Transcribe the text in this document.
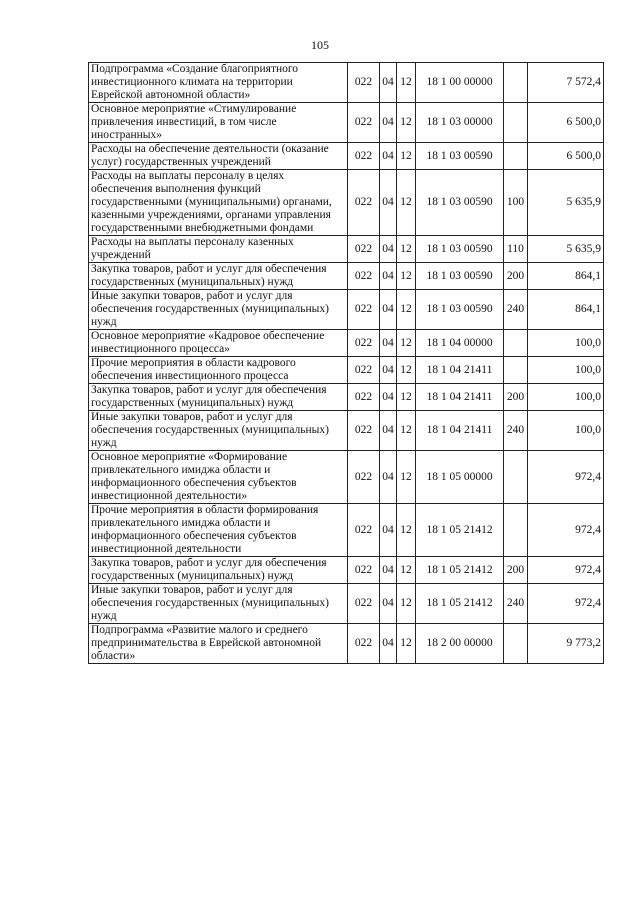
105
Подпрограмма «Создание благоприятного инвестиционного климата на территории Еврейской автономной области»	022	04	12	18 1 00 00000		7 572,4
Основное мероприятие «Стимулирование привлечения инвестиций, в том числе иностранных»	022	04	12	18 1 03 00000		6 500,0
Расходы на обеспечение деятельности (оказание услуг) государственных учреждений	022	04	12	18 1 03 00590		6 500,0
Расходы на выплаты персоналу в целях обеспечения выполнения функций государственными (муниципальными) органами, казенными учреждениями, органами управления государственными внебюджетными фондами	022	04	12	18 1 03 00590	100	5 635,9
Расходы на выплаты персоналу казенных учреждений	022	04	12	18 1 03 00590	110	5 635,9
Закупка товаров, работ и услуг для обеспечения государственных (муниципальных) нужд	022	04	12	18 1 03 00590	200	864,1
Иные закупки товаров, работ и услуг для обеспечения государственных (муниципальных) нужд	022	04	12	18 1 03 00590	240	864,1
Основное мероприятие «Кадровое обеспечение инвестиционного процесса»	022	04	12	18 1 04 00000		100,0
Прочие мероприятия в области кадрового обеспечения инвестиционного процесса	022	04	12	18 1 04 21411		100,0
Закупка товаров, работ и услуг для обеспечения государственных (муниципальных) нужд	022	04	12	18 1 04 21411	200	100,0
Иные закупки товаров, работ и услуг для обеспечения государственных (муниципальных) нужд	022	04	12	18 1 04 21411	240	100,0
Основное мероприятие «Формирование привлекательного имиджа области и информационного обеспечения субъектов инвестиционной деятельности»	022	04	12	18 1 05 00000		972,4
Прочие мероприятия в области формирования привлекательного имиджа области и информационного обеспечения субъектов инвестиционной деятельности	022	04	12	18 1 05 21412		972,4
Закупка товаров, работ и услуг для обеспечения государственных (муниципальных) нужд	022	04	12	18 1 05 21412	200	972,4
Иные закупки товаров, работ и услуг для обеспечения государственных (муниципальных) нужд	022	04	12	18 1 05 21412	240	972,4
Подпрограмма «Развитие малого и среднего предпринимательства в Еврейской автономной области»	022	04	12	18 2 00 00000		9 773,2
